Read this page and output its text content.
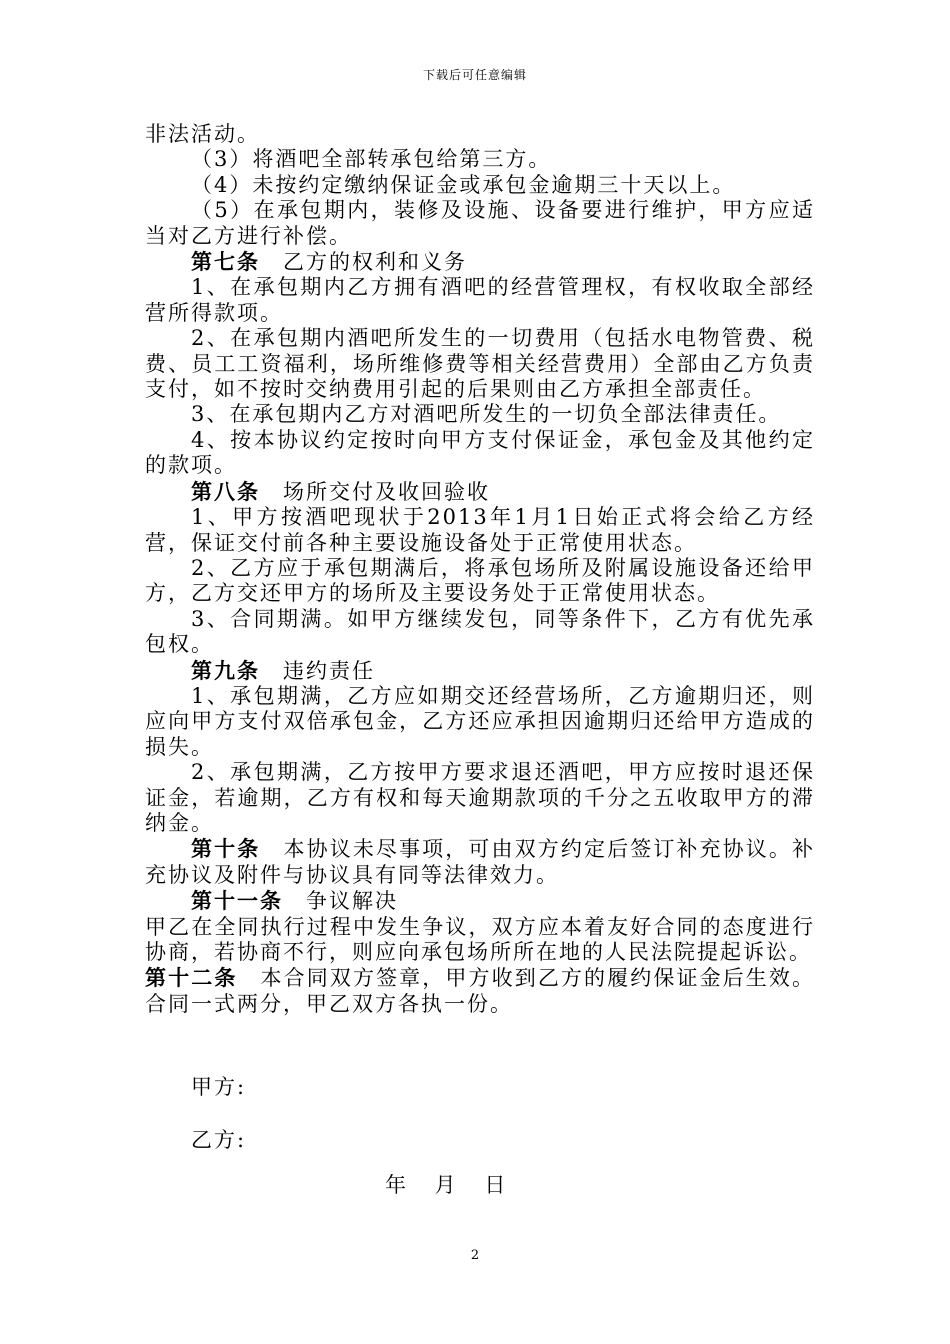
下载后可任意编辑

非法活动。

（3）将酒吧全部转承包给第三方。

（4）未按约定缴纳保证金或承包金逾期三十天以上。

（5）在承包期内，装修及设施、设备要进行维护，甲方应适当对乙方进行补偿。

第七条　乙方的权利和义务

1、在承包期内乙方拥有酒吧的经营管理权，有权收取全部经营所得款项。

2、在承包期内酒吧所发生的一切费用（包括水电物管费、税费、员工工资福利，场所维修费等相关经营费用）全部由乙方负责支付，如不按时交纳费用引起的后果则由乙方承担全部责任。

3、在承包期内乙方对酒吧所发生的一切负全部法律责任。

4、按本协议约定按时向甲方支付保证金，承包金及其他约定的款项。

第八条　场所交付及收回验收

1、甲方按酒吧现状于2013年1月1日始正式将会给乙方经营，保证交付前各种主要设施设备处于正常使用状态。

2、乙方应于承包期满后，将承包场所及附属设施设备还给甲方，乙方交还甲方的场所及主要设务处于正常使用状态。

3、合同期满。如甲方继续发包，同等条件下，乙方有优先承包权。

第九条　违约责任

1、承包期满，乙方应如期交还经营场所，乙方逾期归还，则应向甲方支付双倍承包金，乙方还应承担因逾期归还给甲方造成的损失。

2、承包期满，乙方按甲方要求退还酒吧，甲方应按时退还保证金，若逾期，乙方有权和每天逾期款项的千分之五收取甲方的滞纳金。

第十条　本协议未尽事项，可由双方约定后签订补充协议。补充协议及附件与协议具有同等法律效力。

第十一条　争议解决

甲乙在全同执行过程中发生争议，双方应本着友好合同的态度进行协商，若协商不行，则应向承包场所所在地的人民法院提起诉讼。

第十二条　本合同双方签章，甲方收到乙方的履约保证金后生效。合同一式两分，甲乙双方各执一份。

甲方:
乙方:
年 月 日
2
